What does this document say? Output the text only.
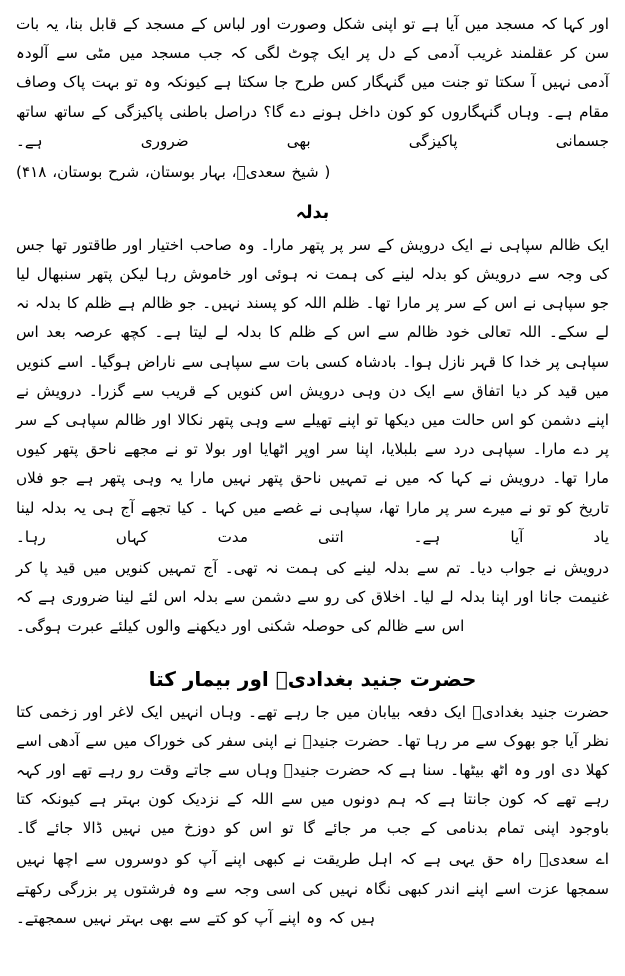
اور کہا کہ مسجد میں آیا ہے تو اپنی شکل وصورت اور لباس کے مسجد کے قابل بنا، یہ بات سن کر عقلمند غریب آدمی کے دل پر ایک چوٹ لگی کہ جب مسجد میں مٹی سے آلودہ آدمی نہیں آ سکتا تو جنت میں گنہگار کس طرح جا سکتا ہے کیونکہ وہ تو بہت پاک وصاف مقام ہے۔ وہاں گنہگاروں کو کون داخل ہونے دے گا؟ دراصل باطنی پاکیزگی کے ساتھ ساتھ جسمانی پاکیزگی بھی ضروری ہے۔

( شیخ سعدیؒ، بہار بوستان، شرح بوستان، ۴۱۸)

بدلہ

ایک ظالم سپاہی نے ایک درویش کے سر پر پتھر مارا۔ وہ صاحب اختیار اور طاقتور تھا جس کی وجہ سے درویش کو بدلہ لینے کی ہمت نہ ہوئی اور خاموش رہا لیکن پتھر سنبھال لیا جو سپاہی نے اس کے سر پر مارا تھا۔ ظلم اللہ کو پسند نہیں۔ جو ظالم ہے ظلم کا بدلہ نہ لے سکے۔ اللہ تعالی خود ظالم سے اس کے ظلم کا بدلہ لے لیتا ہے۔ کچھ عرصہ بعد اس سپاہی پر خدا کا قہر نازل ہوا۔ بادشاہ کسی بات سے سپاہی سے ناراض ہوگیا۔ اسے کنویں میں قید کر دیا اتفاق سے ایک دن وہی درویش اس کنویں کے قریب سے گزرا۔ درویش نے اپنے دشمن کو اس حالت میں دیکھا تو اپنے تھیلے سے وہی پتھر نکالا اور ظالم سپاہی کے سر پر دے مارا۔ سپاہی درد سے بلبلایا، اپنا سر اوپر اٹھایا اور بولا تو نے مجھے ناحق پتھر کیوں مارا تھا۔ درویش نے کہا کہ میں نے تمہیں ناحق پتھر نہیں مارا یہ وہی پتھر ہے جو فلاں تاریخ کو تو نے میرے سر پر مارا تھا، سپاہی نے غصے میں کہا ۔ کیا تجھے آج ہی یہ بدلہ لینا یاد آیا ہے۔ اتنی مدت کہاں رہا۔

درویش نے جواب دیا۔ تم سے بدلہ لینے کی ہمت نہ تھی۔ آج تمہیں کنویں میں قید پا کر غنیمت جانا اور اپنا بدلہ لے لیا۔ اخلاق کی رو سے دشمن سے بدلہ اس لئے لینا ضروری ہے کہ اس سے ظالم کی حوصلہ شکنی اور دیکھنے والوں کیلئے عبرت ہوگی۔

حضرت جنید بغدادیؒ اور بیمار کتا

حضرت جنید بغدادیؒ ایک دفعہ بیابان میں جا رہے تھے۔ وہاں انہیں ایک لاغر اور زخمی کتا نظر آیا جو بھوک سے مر رہا تھا۔ حضرت جنیدؒ نے اپنی سفر کی خوراک میں سے آدھی اسے کھلا دی اور وہ اٹھ بیٹھا۔ سنا ہے کہ حضرت جنیدؒ وہاں سے جاتے وقت رو رہے تھے اور کہہ رہے تھے کہ کون جانتا ہے کہ ہم دونوں میں سے اللہ کے نزدیک کون بہتر ہے کیونکہ کتا باوجود اپنی تمام بدنامی کے جب مر جائے گا تو اس کو دوزخ میں نہیں ڈالا جائے گا۔

اے سعدیؒ راہ حق یہی ہے کہ اہل طریقت نے کبھی اپنے آپ کو دوسروں سے اچھا نہیں سمجھا عزت اسے اپنے اندر کبھی نگاہ نہیں کی اسی وجہ سے وہ فرشتوں پر بزرگی رکھتے ہیں کہ وہ اپنے آپ کو کتے سے بھی بہتر نہیں سمجھتے۔
